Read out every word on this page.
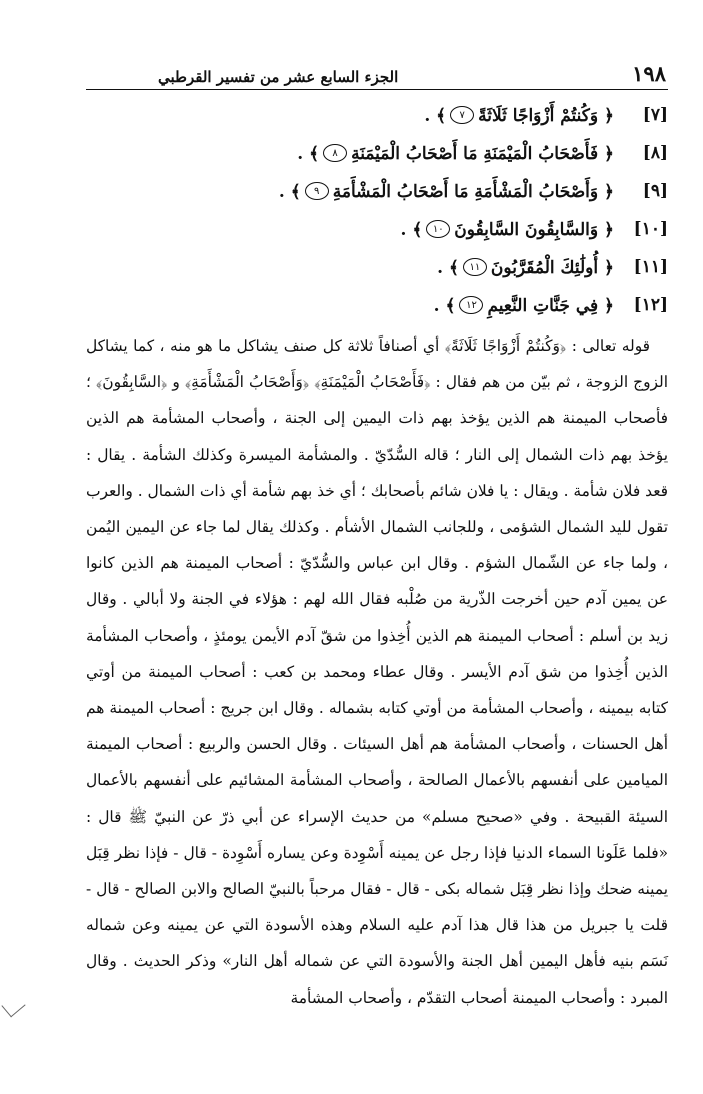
١٩٨
الجزء السابع عشر من تفسير القرطبي
[٧]
﴿ وَكُنتُمْ أَزْوَاجًا ثَلَاثَةً
٧
﴾ .
[٨]
﴿ فَأَصْحَابُ الْمَيْمَنَةِ مَا أَصْحَابُ الْمَيْمَنَةِ
٨
﴾ .
[٩]
﴿ وَأَصْحَابُ الْمَشْأَمَةِ مَا أَصْحَابُ الْمَشْأَمَةِ
٩
﴾ .
[١٠]
﴿ وَالسَّابِقُونَ السَّابِقُونَ
١٠
﴾ .
[١١]
﴿ أُولَٰئِكَ الْمُقَرَّبُونَ
١١
﴾ .
[١٢]
﴿ فِي جَنَّاتِ النَّعِيمِ
١٢
﴾ .

قوله تعالى : ﴿وَكُنتُمْ أَزْوَاجًا ثَلَاثَةً﴾ أي أصنافاً ثلاثة كل صنف يشاكل ما هو منه ، كما يشاكل الزوج الزوجة ، ثم بيّن من هم فقال : ﴿فَأَصْحَابُ الْمَيْمَنَةِ﴾ ﴿وَأَصْحَابُ الْمَشْأَمَةِ﴾ و ﴿السَّابِقُونَ﴾ ؛ فأصحاب الميمنة هم الذين يؤخذ بهم ذات اليمين إلى الجنة ، وأصحاب المشأمة هم الذين يؤخذ بهم ذات الشمال إلى النار ؛ قاله السُّدّيّ . والمشأمة الميسرة وكذلك الشأمة . يقال : قعد فلان شأمة . ويقال : يا فلان شائم بأصحابك ؛ أي خذ بهم شأمة أي ذات الشمال . والعرب تقول لليد الشمال الشؤمى ، وللجانب الشمال الأشأم . وكذلك يقال لما جاء عن اليمين اليُمن ، ولما جاء عن الشّمال الشؤم . وقال ابن عباس والسُّدّيّ : أصحاب الميمنة هم الذين كانوا عن يمين آدم حين أخرجت الذّرية من صُلْبه فقال الله لهم : هؤلاء في الجنة ولا أبالي . وقال زيد بن أسلم : أصحاب الميمنة هم الذين أُخِذوا من شقّ آدم الأيمن يومئذٍ ، وأصحاب المشأمة الذين أُخِذوا من شق آدم الأيسر . وقال عطاء ومحمد بن كعب : أصحاب الميمنة من أوتي كتابه بيمينه ، وأصحاب المشأمة من أوتي كتابه بشماله . وقال ابن جريج : أصحاب الميمنة هم أهل الحسنات ، وأصحاب المشأمة هم أهل السيئات . وقال الحسن والربيع : أصحاب الميمنة الميامين على أنفسهم بالأعمال الصالحة ، وأصحاب المشأمة المشائيم على أنفسهم بالأعمال السيئة القبيحة . وفي «صحيح مسلم» من حديث الإسراء عن أبي ذرّ عن النبيّ ﷺ قال : «فلما عَلَونا السماء الدنيا فإذا رجل عن يمينه أَسْوِدة وعن يساره أَسْوِدة - قال - فإذا نظر قِبَل يمينه ضحك وإذا نظر قِبَل شماله بكى - قال - فقال مرحباً بالنبيّ الصالح والابن الصالح - قال - قلت يا جبريل من هذا قال هذا آدم عليه السلام وهذه الأسودة التي عن يمينه وعن شماله نَسَم بنيه فأهل اليمين أهل الجنة والأسودة التي عن شماله أهل النار» وذكر الحديث . وقال المبرد : وأصحاب الميمنة أصحاب التقدّم ، وأصحاب المشأمة
